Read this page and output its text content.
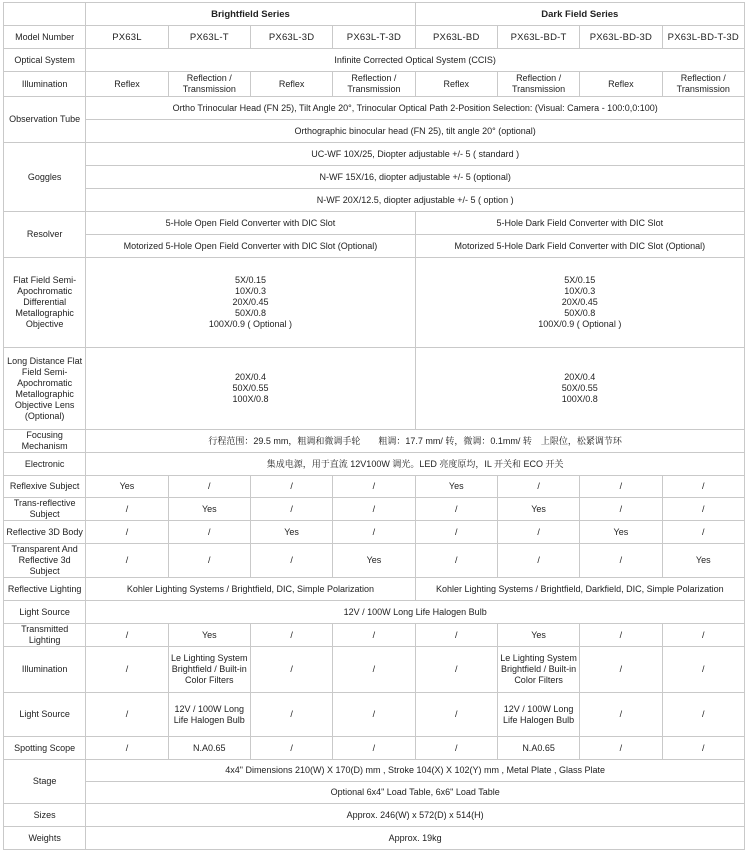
	Brightfield Series				Dark Field Series			
Model Number	PX63L	PX63L-T	PX63L-3D	PX63L-T-3D	PX63L-BD	PX63L-BD-T	PX63L-BD-3D	PX63L-BD-T-3D
Optical System	Infinite Corrected Optical System (CCIS)							
Illumination	Reflex	Reflection / Transmission	Reflex	Reflection / Transmission	Reflex	Reflection / Transmission	Reflex	Reflection / Transmission
Observation Tube	Ortho Trinocular Head (FN 25), Tilt Angle 20°, Trinocular Optical Path 2-Position Selection: (Visual: Camera - 100:0,0:100)							
	Orthographic binocular head (FN 25), tilt angle 20° (optional)							
Goggles	UC-WF 10X/25, Diopter adjustable +/- 5 ( standard )							
	N-WF 15X/16, diopter adjustable +/- 5 (optional)							
	N-WF 20X/12.5, diopter adjustable +/- 5 ( option )							
Resolver	5-Hole Open Field Converter with DIC Slot				5-Hole Dark Field Converter with DIC Slot			
	Motorized 5-Hole Open Field Converter with DIC Slot (Optional)				Motorized 5-Hole Dark Field Converter with DIC Slot (Optional)			
Flat Field Semi-Apochromatic Differential Metallographic Objective	5X/0.15
10X/0.3
20X/0.45
50X/0.8
100X/0.9 ( Optional )				5X/0.15
10X/0.3
20X/0.45
50X/0.8
100X/0.9 ( Optional )			

Long Distance Flat Field Semi-Apochromatic Metallographic Objective Lens (Optional)	20X/0.4
50X/0.55
100X/0.8				20X/0.4
50X/0.55
100X/0.8			

Focusing Mechanism	行程范围：29.5 mm，粗调和微调手轮　　粗调：17.7 mm/ 转，微调：0.1mm/ 转　上限位，松紧调节环							
Electronic	集成电源，用于直流 12V100W 调光。LED 亮度原均，IL 开关和 ECO 开关							
Reflexive Subject	Yes	/	/	/	Yes	/	/	/
Trans-reflective Subject	/	Yes	/	/	/	Yes	/	/
Reflective 3D Body	/	/	Yes	/	/	/	Yes	/
Transparent And Reflective 3d Subject	/	/	/	Yes	/	/	/	Yes
Reflective Lighting	Kohler Lighting Systems / Brightfield, DIC, Simple Polarization				Kohler Lighting Systems / Brightfield, Darkfield, DIC, Simple Polarization			
Light Source	12V / 100W Long Life Halogen Bulb							
Transmitted Lighting	/	Yes	/	/	/	Yes	/	/
Illumination	/	Le Lighting System Brightfield / Built-in Color Filters	/	/	/	Le Lighting System Brightfield / Built-in Color Filters	/	/
Light Source	/	12V / 100W Long Life Halogen Bulb	/	/	/	12V / 100W Long Life Halogen Bulb	/	/
Spotting Scope	/	N.A0.65	/	/	/	N.A0.65	/	/
Stage	4x4" Dimensions 210(W) X 170(D) mm , Stroke 104(X) X 102(Y) mm , Metal Plate , Glass Plate							
	Optional 6x4" Load Table, 6x6" Load Table							
Sizes	Approx. 246(W) x 572(D) x 514(H)							
Weights	Approx. 19kg							
